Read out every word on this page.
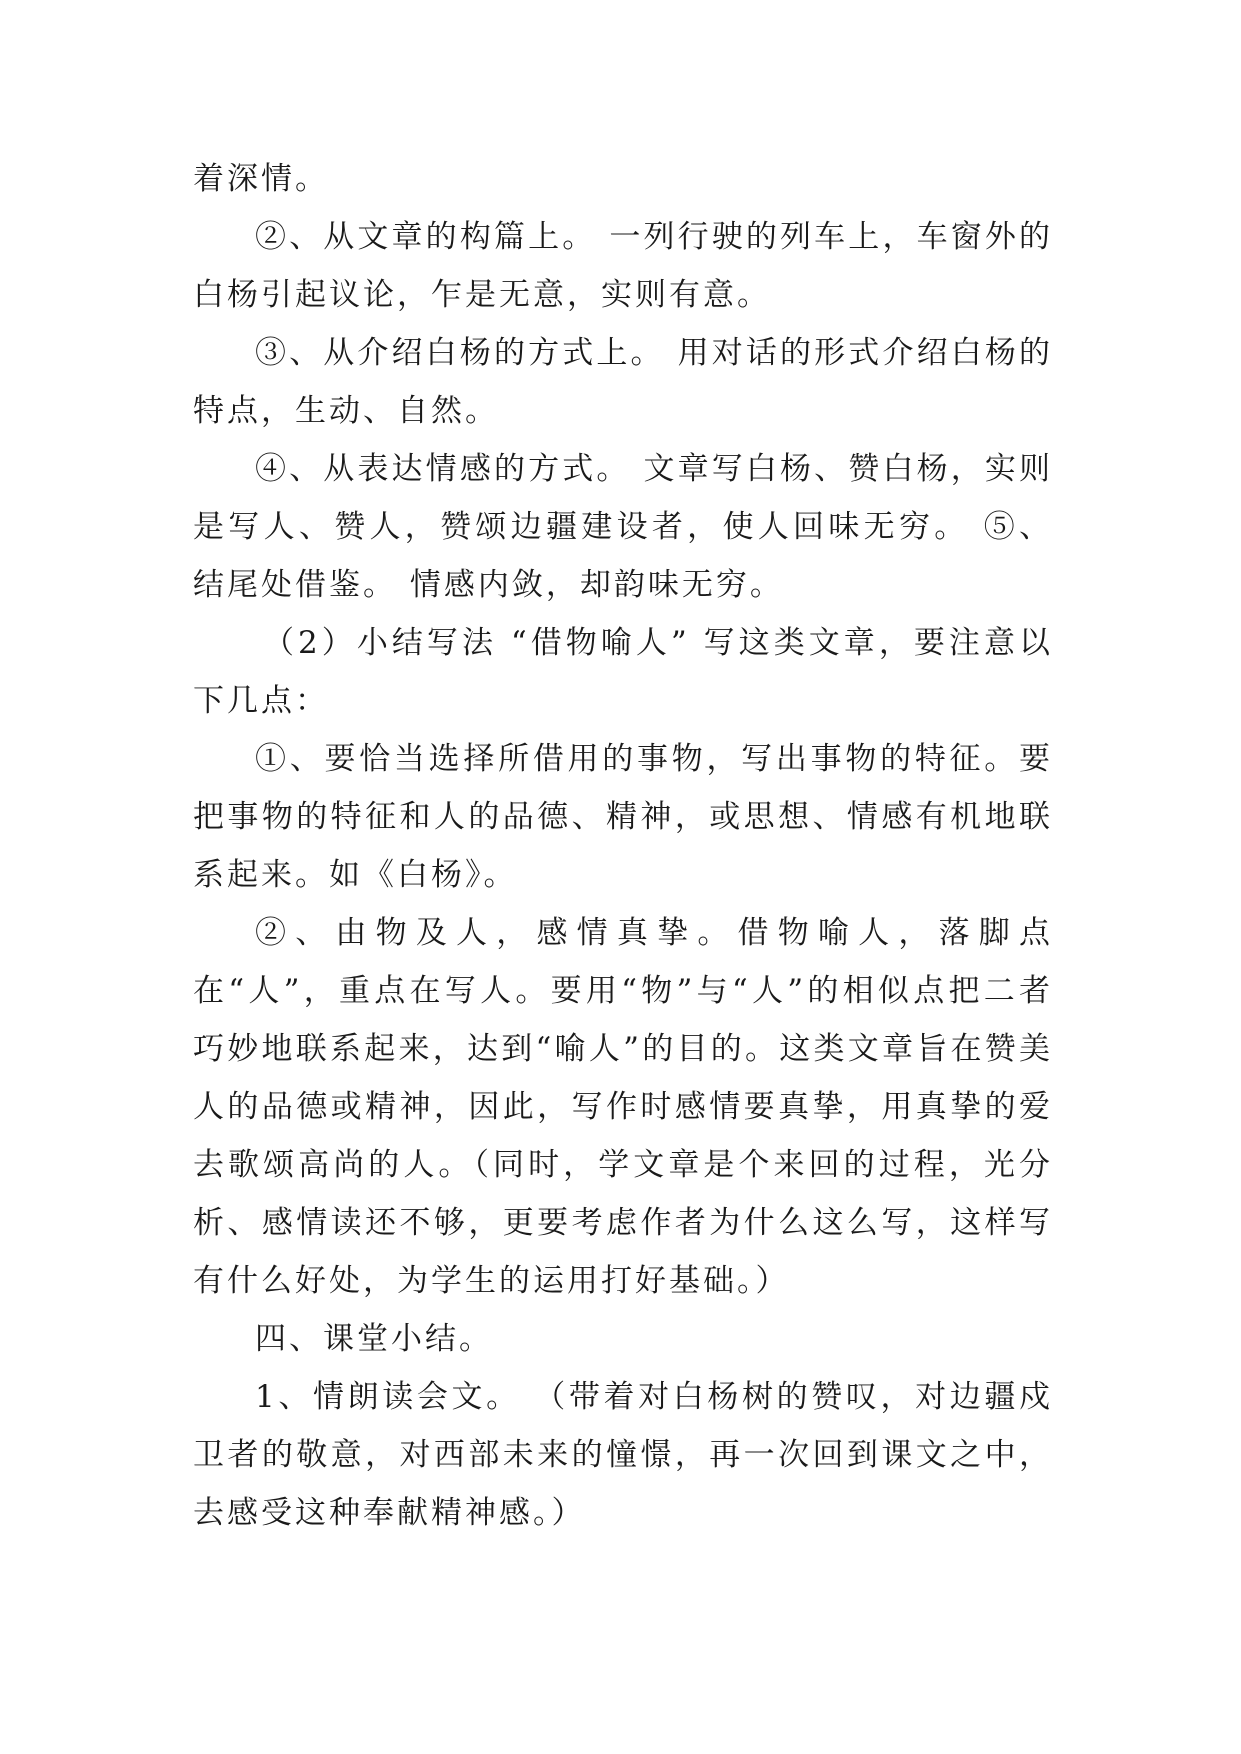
着深情。

②、从文章的构篇上。 一列行驶的列车上，车窗外的白杨引起议论，乍是无意，实则有意。

③、从介绍白杨的方式上。 用对话的形式介绍白杨的特点，生动、自然。

④、从表达情感的方式。 文章写白杨、赞白杨，实则是写人、赞人，赞颂边疆建设者，使人回味无穷。 ⑤、结尾处借鉴。 情感内敛，却韵味无穷。

（2）小结写法 “借物喻人” 写这类文章，要注意以下几点：

①、要恰当选择所借用的事物，写出事物的特征。要把事物的特征和人的品德、精神，或思想、情感有机地联系起来。如《白杨》。

②、由物及人，感情真挚。借物喻人，落脚点在“人”，重点在写人。要用“物”与“人”的相似点把二者巧妙地联系起来，达到“喻人”的目的。这类文章旨在赞美人的品德或精神，因此，写作时感情要真挚，用真挚的爱去歌颂高尚的人。（同时，学文章是个来回的过程，光分析、感情读还不够，更要考虑作者为什么这么写，这样写有什么好处，为学生的运用打好基础。）

四、课堂小结。

1、情朗读会文。 （带着对白杨树的赞叹，对边疆戍卫者的敬意，对西部未来的憧憬，再一次回到课文之中，去感受这种奉献精神感。）
